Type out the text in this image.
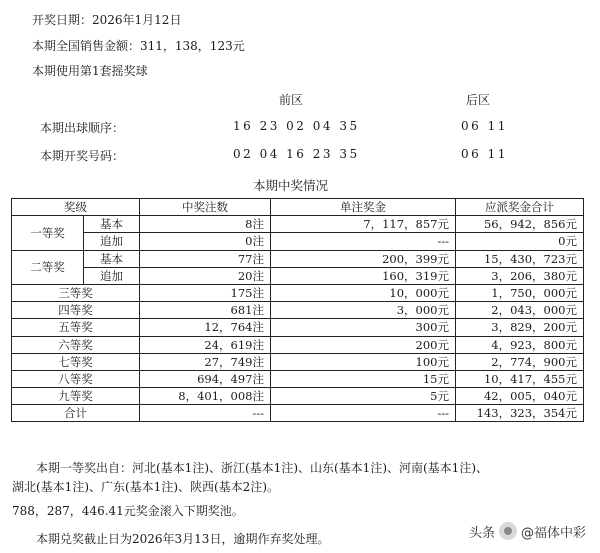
开奖日期：2026年1月12日
本期全国销售金额：311，138，123元
本期使用第1套摇奖球
前区	后区
本期出球顺序：	16 23 02 04 35	06 11
本期开奖号码：	02 04 16 23 35	06 11
本期中奖情况
奖级		中奖注数	单注奖金	应派奖金合计
一等奖	基本	8注	7，117，857元	56，942，856元
	追加	0注	---	0元
二等奖	基本	77注	200，399元	15，430，723元
	追加	20注	160，319元	3，206，380元
三等奖		175注	10，000元	1，750，000元
四等奖		681注	3，000元	2，043，000元
五等奖		12，764注	300元	3，829，200元
六等奖		24，619注	200元	4，923，800元
七等奖		27，749注	100元	2，774，900元
八等奖		694，497注	15元	10，417，455元
九等奖		8，401，008注	5元	42，005，040元
合计		---	---	143，323，354元
本期一等奖出自：河北(基本1注)、浙江(基本1注)、山东(基本1注)、河南(基本1注)、
湖北(基本1注)、广东(基本1注)、陕西(基本2注)。
788，287，446.41元奖金滚入下期奖池。
本期兑奖截止日为2026年3月13日，逾期作弃奖处理。	头条 @福体中彩
